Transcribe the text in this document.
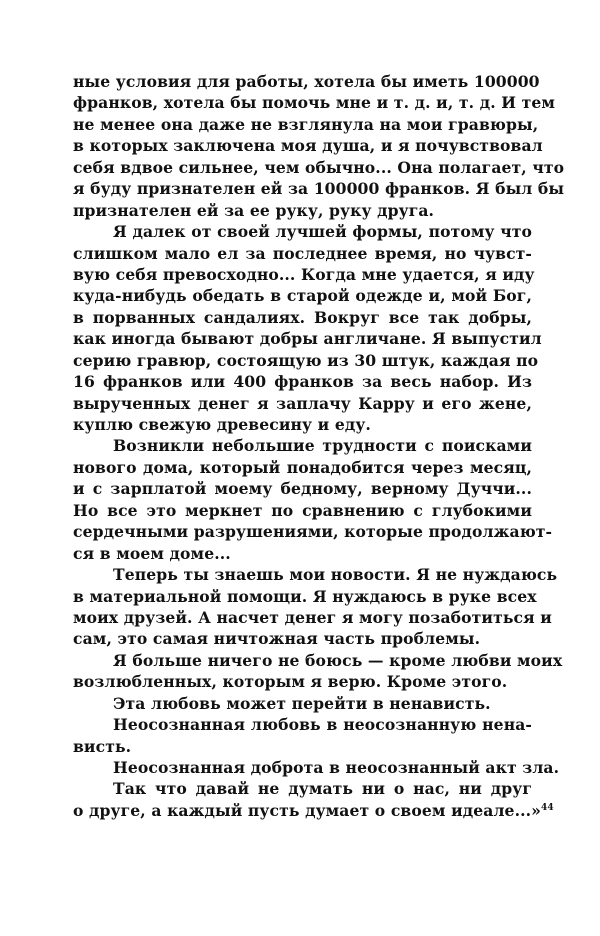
ные условия для работы, хотела бы иметь 100000
франков, хотела бы помочь мне и т. д. и, т. д. И тем
не менее она даже не взглянула на мои гравюры,
в которых заключена моя душа, и я почувствовал
себя вдвое сильнее, чем обычно... Она полагает, что
я буду признателен ей за 100000 франков. Я был бы
признателен ей за ее руку, руку друга.
Я далек от своей лучшей формы, потому что
слишком мало ел за последнее время, но чувст-
вую себя превосходно... Когда мне удается, я иду
куда-нибудь обедать в старой одежде и, мой Бог,
в порванных сандалиях. Вокруг все так добры,
как иногда бывают добры англичане. Я выпустил
серию гравюр, состоящую из 30 штук, каждая по
16 франков или 400 франков за весь набор. Из
вырученных денег я заплачу Карру и его жене,
куплю свежую древесину и еду.
Возникли небольшие трудности с поисками
нового дома, который понадобится через месяц,
и с зарплатой моему бедному, верному Дуччи...
Но все это меркнет по сравнению с глубокими
сердечными разрушениями, которые продолжают-
ся в моем доме...
Теперь ты знаешь мои новости. Я не нуждаюсь
в материальной помощи. Я нуждаюсь в руке всех
моих друзей. А насчет денег я могу позаботиться и
сам, это самая ничтожная часть проблемы.
Я больше ничего не боюсь — кроме любви моих
возлюбленных, которым я верю. Кроме этого.
Эта любовь может перейти в ненависть.
Неосознанная любовь в неосознанную нена-
висть.
Неосознанная доброта в неосознанный акт зла.
Так что давай не думать ни о нас, ни друг
о друге, а каждый пусть думает о своем идеале...»$^{44}$
